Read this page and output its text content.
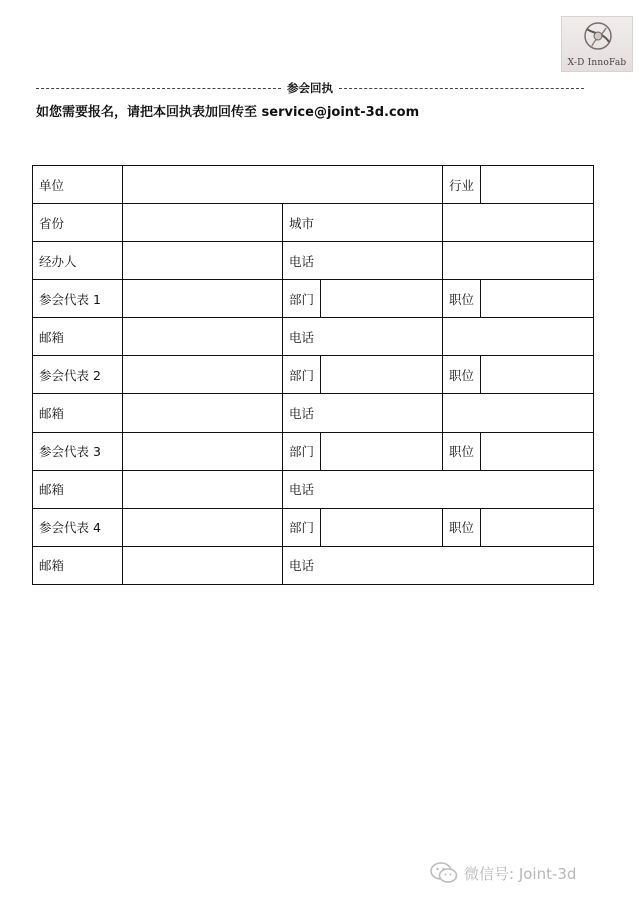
X-D InnoFab
参会回执
如您需要报名，请把本回执表加回传至 service@joint-3d.com
单位				行业	
省份		城市			
经办人		电话			
参会代表 1		部门		职位	
邮箱		电话			
参会代表 2		部门		职位	
邮箱		电话			
参会代表 3		部门		职位	
邮箱		电话			
参会代表 4		部门		职位	
邮箱		电话			
微信号: Joint-3d
